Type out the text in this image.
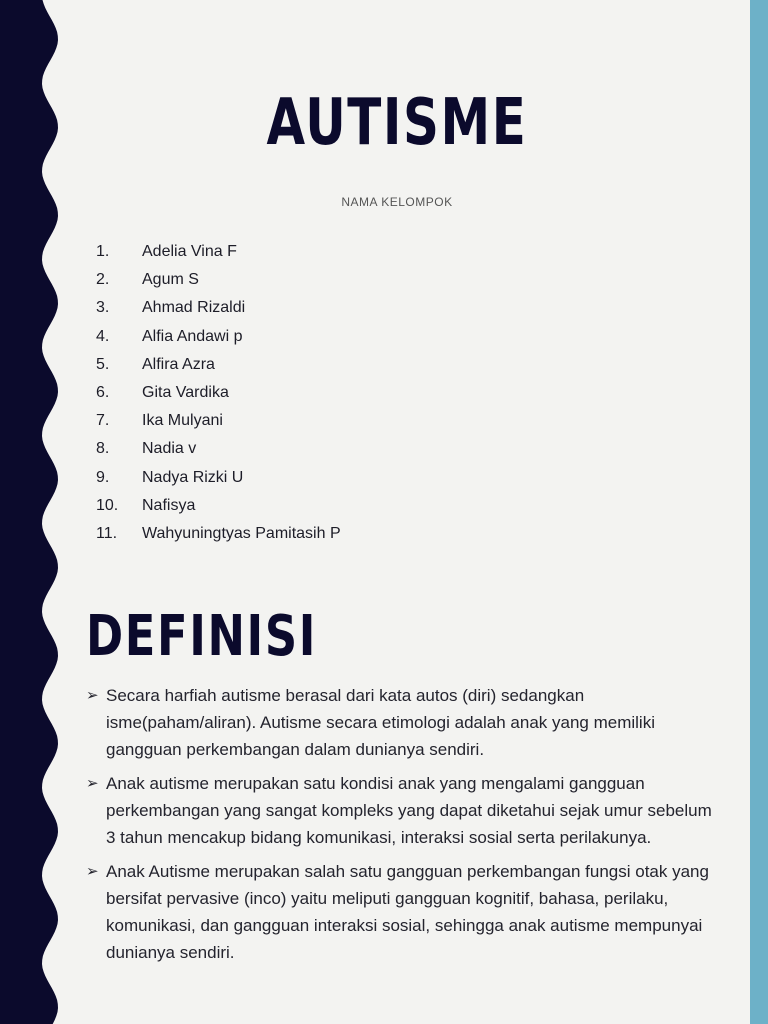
AUTISME
NAMA KELOMPOK
1.	Adelia Vina F
2.	Agum S
3.	Ahmad Rizaldi
4.	Alfia Andawi p
5.	Alfira Azra
6.	Gita Vardika
7.	Ika Mulyani
8.	Nadia v
9.	Nadya Rizki U
10.	Nafisya
11.	Wahyuningtyas Pamitasih P
DEFINISI
➢ Secara harfiah autisme berasal dari kata autos (diri) sedangkan isme(paham/aliran). Autisme secara etimologi adalah anak yang memiliki gangguan perkembangan dalam dunianya sendiri.
➢ Anak autisme merupakan satu kondisi anak yang mengalami gangguan perkembangan yang sangat kompleks yang dapat diketahui sejak umur sebelum 3 tahun mencakup bidang komunikasi, interaksi sosial serta perilakunya.
➢ Anak Autisme merupakan salah satu gangguan perkembangan fungsi otak yang bersifat pervasive (inco) yaitu meliputi gangguan kognitif, bahasa, perilaku, komunikasi, dan gangguan interaksi sosial, sehingga anak autisme mempunyai dunianya sendiri.
